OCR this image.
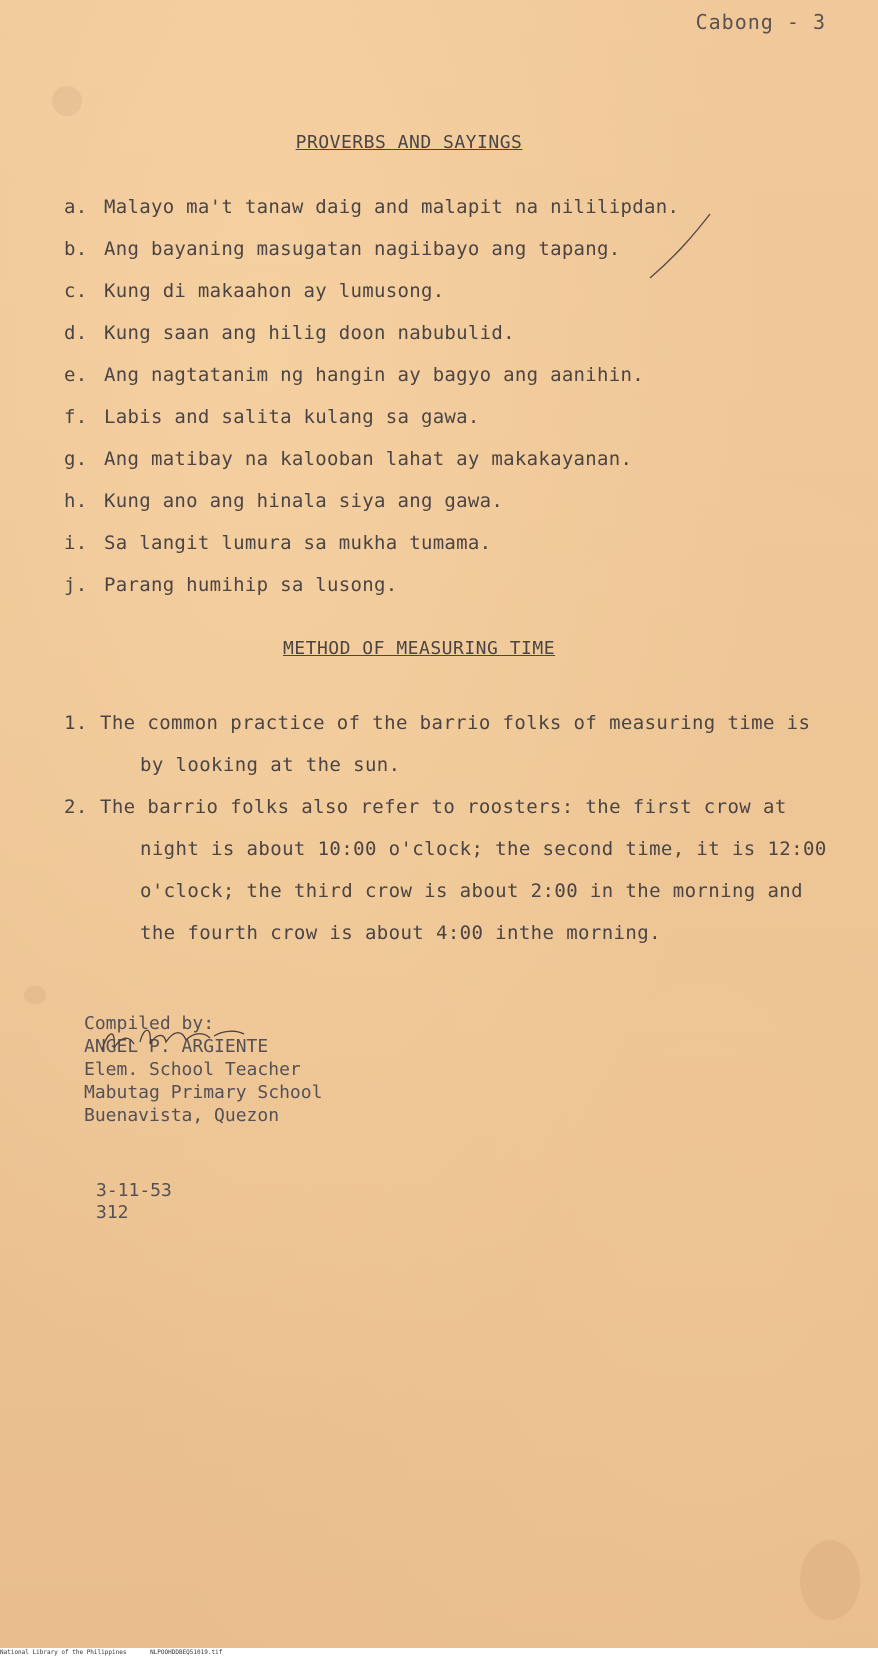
Cabong - 3
PROVERBS AND SAYINGS
a. Malayo ma't tanaw daig and malapit na nililipdan.
b. Ang bayaning masugatan nagiibayo ang tapang.
c. Kung di makaahon ay lumusong.
d. Kung saan ang hilig doon nabubulid.
e. Ang nagtatanim ng hangin ay bagyo ang aanihin.
f. Labis and salita kulang sa gawa.
g. Ang matibay na kalooban lahat ay makakayanan.
h. Kung ano ang hinala siya ang gawa.
i. Sa langit lumura sa mukha tumama.
j. Parang humihip sa lusong.
METHOD OF MEASURING TIME
1. The common practice of the barrio folks of measuring time is by looking at the sun.
2. The barrio folks also refer to roosters: the first crow at night is about 10:00 o'clock; the second time, it is 12:00 o'clock; the third crow is about 2:00 in the morning and the fourth crow is about 4:00 inthe morning.
Compiled by:
ANGEL P. ARGIENTE
Elem. School Teacher
Mabutag Primary School
Buenavista, Quezon
3-11-53
312
National Library of the Philippines	NLPOOHDDBEQ51019.tif
